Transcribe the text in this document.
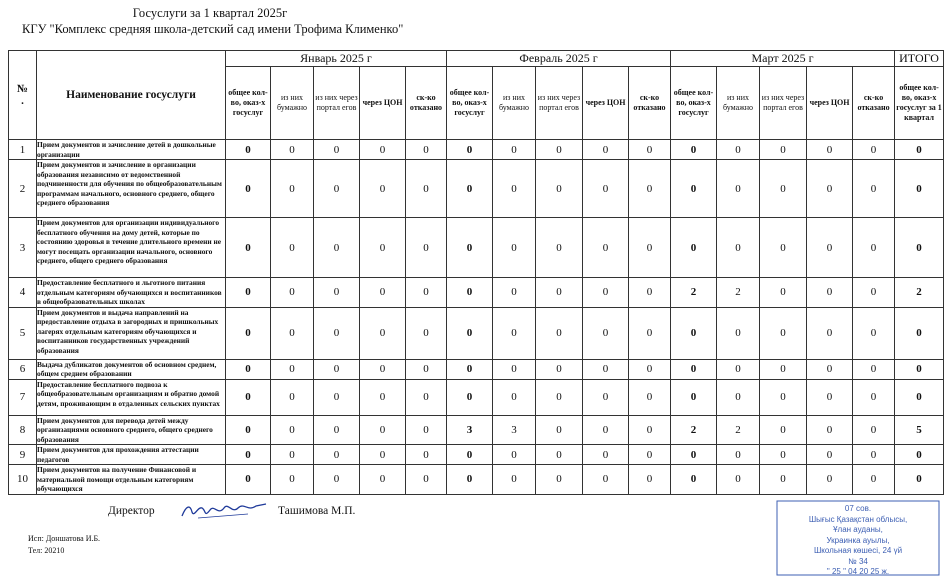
Госуслуги за 1 квартал 2025г
КГУ "Комплекс средняя школа-детский сад имени Трофима Клименко"
№
.	Наименование госуслуги	Январь 2025 г					Февраль 2025 г					Март 2025 г					ИТОГО
		общее кол-во, оказ-х госуслуг	из них бумажно	из них через портал егов	через ЦОН	ск-ко отказано	общее кол-во, оказ-х госуслуг	из них бумажно	из них через портал егов	через ЦОН	ск-ко отказано	общее кол-во, оказ-х госуслуг	из них бумажно	из них через портал егов	через ЦОН	ск-ко отказано	общее кол-во, оказ-х госуслуг за 1 квартал
1	Прием документов и зачисление детей в дошкольные организации	0	0	0	0	0	0	0	0	0	0	0	0	0	0	0	0
2	Прием документов и зачисление в организации образования независимо от ведомственной подчиненности для обучения по общеобразовательным программам начального, основного среднего, общего среднего образования	0	0	0	0	0	0	0	0	0	0	0	0	0	0	0	0
3	Прием документов для организации индивидуального бесплатного обучения на дому детей, которые по состоянию здоровья в течение длительного времени не могут посещать организации начального, основного среднего, общего среднего образования	0	0	0	0	0	0	0	0	0	0	0	0	0	0	0	0
4	Предоставление бесплатного и льготного питания отдельным категориям обучающихся и воспитанников в общеобразовательных школах	0	0	0	0	0	0	0	0	0	0	2	2	0	0	0	2
5	Прием документов и выдача направлений на предоставление отдыха в загородных и пришкольных лагерях отдельным категориям обучающихся и воспитанников государственных учреждений образования	0	0	0	0	0	0	0	0	0	0	0	0	0	0	0	0
6	Выдача дубликатов документов об основном среднем, общем среднем образовании	0	0	0	0	0	0	0	0	0	0	0	0	0	0	0	0
7	Предоставление бесплатного подвоза к общеобразовательным организациям и обратно домой детям, проживающим в отдаленных сельских пунктах	0	0	0	0	0	0	0	0	0	0	0	0	0	0	0	0
8	Прием документов для перевода детей между организациями основного среднего, общего среднего образования	0	0	0	0	0	3	3	0	0	0	2	2	0	0	0	5
9	Прием документов для прохождения аттестации педагогов	0	0	0	0	0	0	0	0	0	0	0	0	0	0	0	0
10	Прием документов на получение Финансовой и материальной помощи отдельным категориям обучающихся	0	0	0	0	0	0	0	0	0	0	0	0	0	0	0	0
Директор	Ташимова М.П.
Исп: Доншатова И.Б.
Тел: 20210
07 сов.
Шығыс Қазақстан облысы,
Ұлан ауданы,
Украинка ауылы,
Школьная көшесі, 24 үй
№ 34
" 25 " 04 20 25 ж.
